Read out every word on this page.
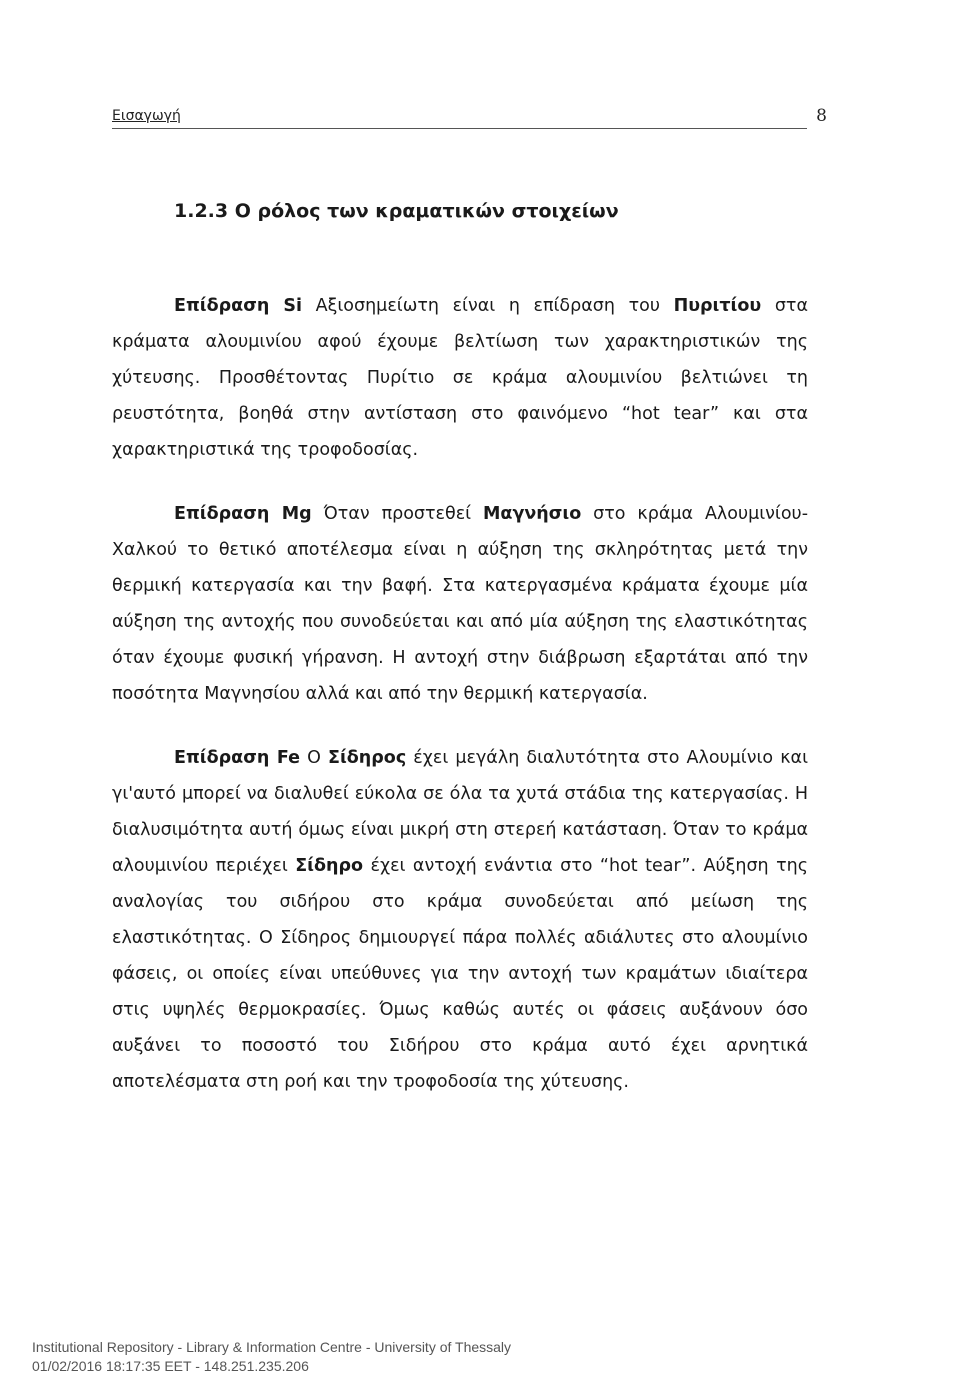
Εισαγωγή	8
1.2.3 Ο ρόλος των κραματικών στοιχείων

Επίδραση Si Αξιοσημείωτη είναι η επίδραση του Πυριτίου στα κράματα αλουμινίου αφού έχουμε βελτίωση των χαρακτηριστικών της χύτευσης. Προσθέτοντας Πυρίτιο σε κράμα αλουμινίου βελτιώνει τη ρευστότητα, βοηθά στην αντίσταση στο φαινόμενο “hot tear” και στα χαρακτηριστικά της τροφοδοσίας.

Επίδραση Mg Όταν προστεθεί Μαγνήσιο στο κράμα Αλουμινίου-Χαλκού το θετικό αποτέλεσμα είναι η αύξηση της σκληρότητας μετά την θερμική κατεργασία και την βαφή. Στα κατεργασμένα κράματα έχουμε μία αύξηση της αντοχής που συνοδεύεται και από μία αύξηση της ελαστικότητας όταν έχουμε φυσική γήρανση. Η αντοχή στην διάβρωση εξαρτάται από την ποσότητα Μαγνησίου αλλά και από την θερμική κατεργασία.

Επίδραση Fe Ο Σίδηρος έχει μεγάλη διαλυτότητα στο Αλουμίνιο και γι'αυτό μπορεί να διαλυθεί εύκολα σε όλα τα χυτά στάδια της κατεργασίας. Η διαλυσιμότητα αυτή όμως είναι μικρή στη στερεή κατάσταση. Όταν το κράμα αλουμινίου περιέχει Σίδηρο έχει αντοχή ενάντια στο “hot tear”. Αύξηση της αναλογίας του σιδήρου στο κράμα συνοδεύεται από μείωση της ελαστικότητας. Ο Σίδηρος δημιουργεί πάρα πολλές αδιάλυτες στο αλουμίνιο φάσεις, οι οποίες είναι υπεύθυνες για την αντοχή των κραμάτων ιδιαίτερα στις υψηλές θερμοκρασίες. Όμως καθώς αυτές οι φάσεις αυξάνουν όσο αυξάνει το ποσοστό του Σιδήρου στο κράμα αυτό έχει αρνητικά αποτελέσματα στη ροή και την τροφοδοσία της χύτευσης.

Institutional Repository - Library & Information Centre - University of Thessaly
01/02/2016 18:17:35 EET - 148.251.235.206
